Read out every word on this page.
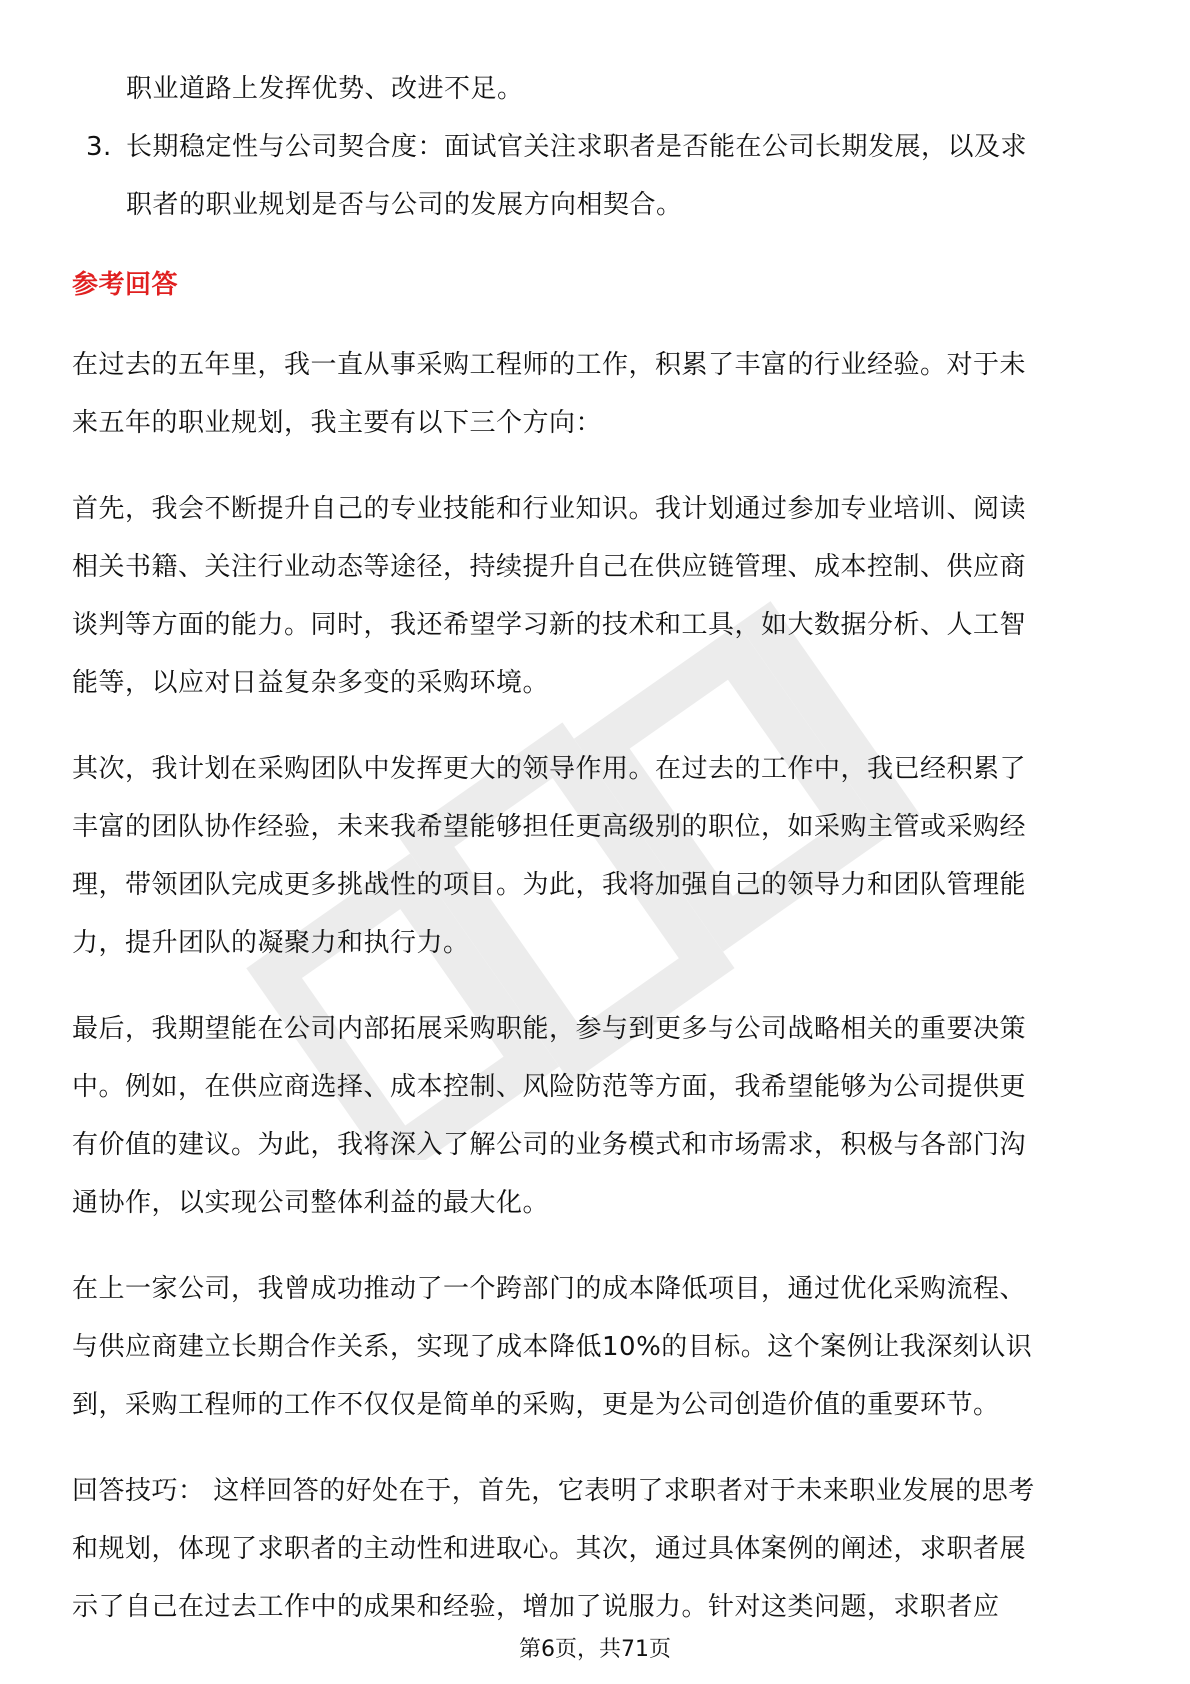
职业道路上发挥优势、改进不足。

3. 长期稳定性与公司契合度：面试官关注求职者是否能在公司长期发展，以及求
职者的职业规划是否与公司的发展方向相契合。
参考回答
在过去的五年里，我一直从事采购工程师的工作，积累了丰富的行业经验。对于未
来五年的职业规划，我主要有以下三个方向：
首先，我会不断提升自己的专业技能和行业知识。我计划通过参加专业培训、阅读
相关书籍、关注行业动态等途径，持续提升自己在供应链管理、成本控制、供应商
谈判等方面的能力。同时，我还希望学习新的技术和工具，如大数据分析、人工智
能等，以应对日益复杂多变的采购环境。
其次，我计划在采购团队中发挥更大的领导作用。在过去的工作中，我已经积累了
丰富的团队协作经验，未来我希望能够担任更高级别的职位，如采购主管或采购经
理，带领团队完成更多挑战性的项目。为此，我将加强自己的领导力和团队管理能
力，提升团队的凝聚力和执行力。
最后，我期望能在公司内部拓展采购职能，参与到更多与公司战略相关的重要决策
中。例如，在供应商选择、成本控制、风险防范等方面，我希望能够为公司提供更
有价值的建议。为此，我将深入了解公司的业务模式和市场需求，积极与各部门沟
通协作，以实现公司整体利益的最大化。
在上一家公司，我曾成功推动了一个跨部门的成本降低项目，通过优化采购流程、
与供应商建立长期合作关系，实现了成本降低10%的目标。这个案例让我深刻认识
到，采购工程师的工作不仅仅是简单的采购，更是为公司创造价值的重要环节。
回答技巧： 这样回答的好处在于，首先，它表明了求职者对于未来职业发展的思考
和规划，体现了求职者的主动性和进取心。其次，通过具体案例的阐述，求职者展
示了自己在过去工作中的成果和经验，增加了说服力。针对这类问题，求职者应
第6页，共71页
